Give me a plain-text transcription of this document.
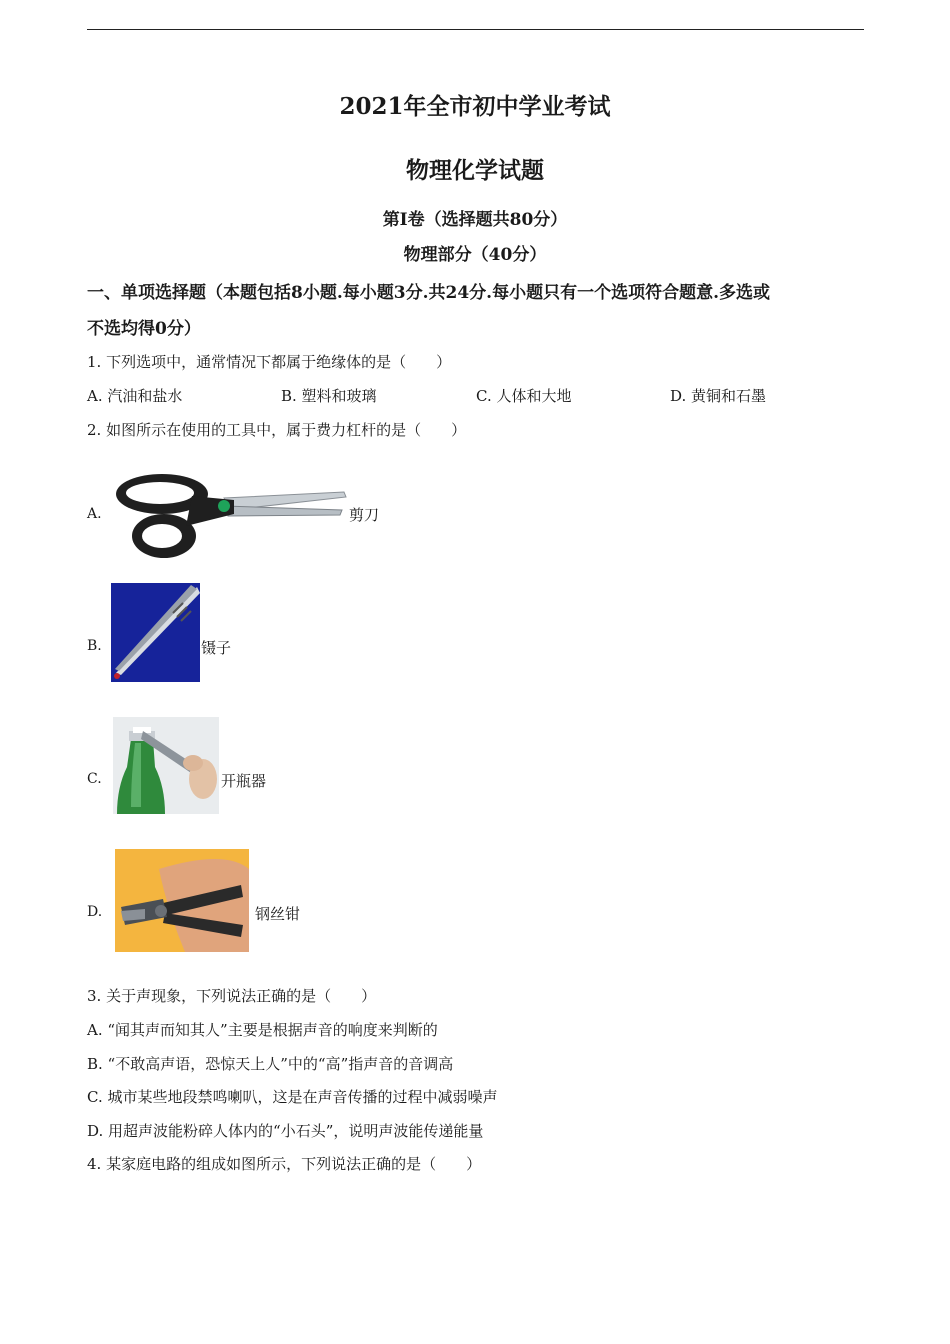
2021年全市初中学业考试
物理化学试题
第Ⅰ卷（选择题共80分）
物理部分（40分）
一、单项选择题（本题包括8小题.每小题3分.共24分.每小题只有一个选项符合题意.多选或
不选均得0分）
1. 下列选项中，通常情况下都属于绝缘体的是（　　）
A. 汽油和盐水	B. 塑料和玻璃	C. 人体和大地	D. 黄铜和石墨
2. 如图所示在使用的工具中，属于费力杠杆的是（　　）
A.	剪刀
B.	镊子
C.	开瓶器
D.	钢丝钳
3. 关于声现象，下列说法正确的是（　　）
A. “闻其声而知其人”主要是根据声音的响度来判断的
B. “不敢高声语，恐惊天上人”中的“高”指声音的音调高
C. 城市某些地段禁鸣喇叭，这是在声音传播的过程中减弱噪声
D. 用超声波能粉碎人体内的“小石头”，说明声波能传递能量
4. 某家庭电路的组成如图所示，下列说法正确的是（　　）
